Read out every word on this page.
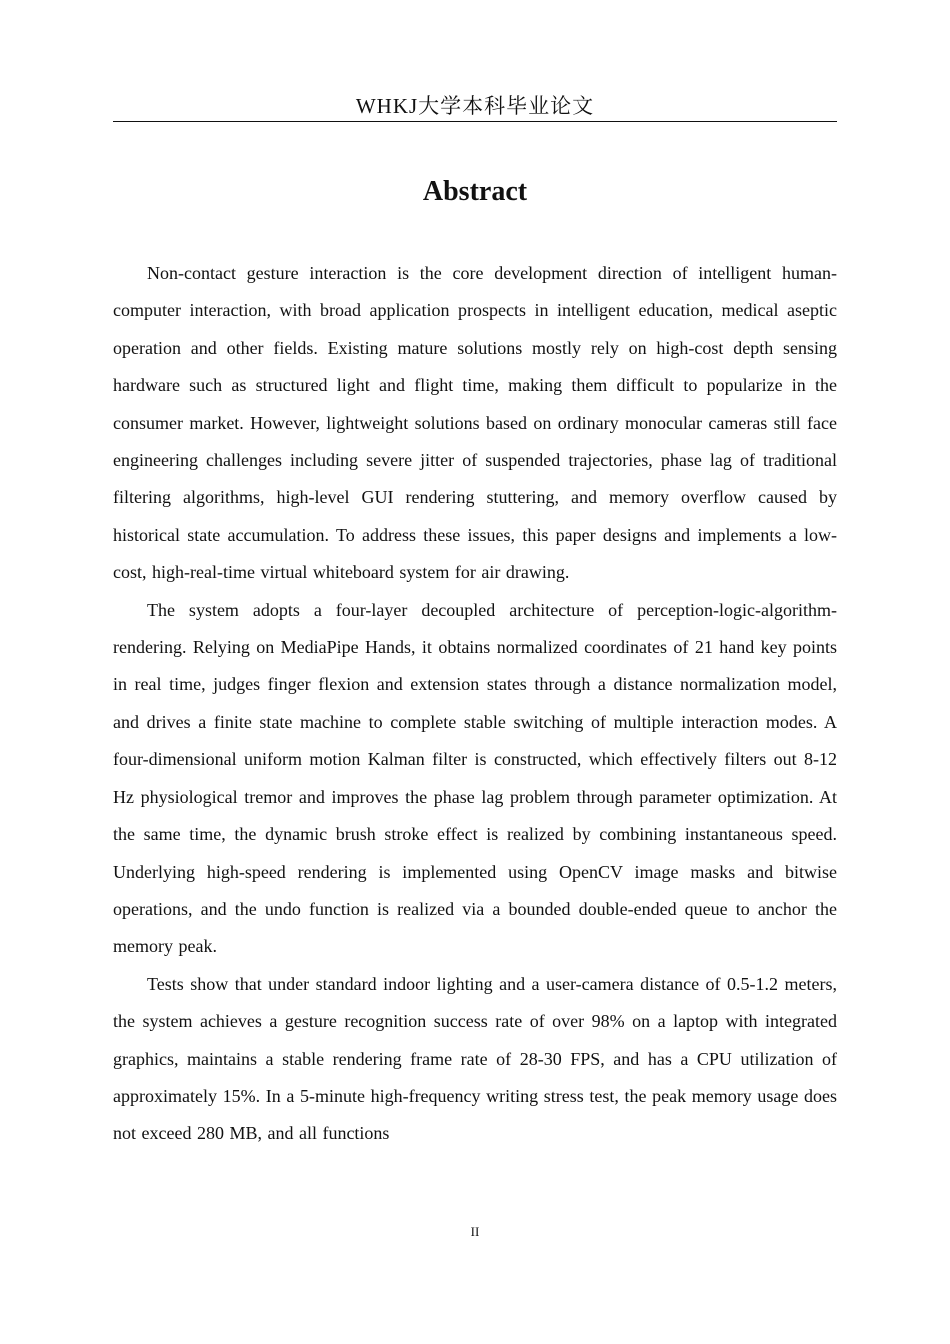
WHKJ大学本科毕业论文
Abstract

Non-contact gesture interaction is the core development direction of intelligent human-computer interaction, with broad application prospects in intelligent education, medical aseptic operation and other fields. Existing mature solutions mostly rely on high-cost depth sensing hardware such as structured light and flight time, making them difficult to popularize in the consumer market. However, lightweight solutions based on ordinary monocular cameras still face engineering challenges including severe jitter of suspended trajectories, phase lag of traditional filtering algorithms, high-level GUI rendering stuttering, and memory overflow caused by historical state accumulation. To address these issues, this paper designs and implements a low-cost, high-real-time virtual whiteboard system for air drawing.

The system adopts a four-layer decoupled architecture of perception-logic-algorithm-rendering. Relying on MediaPipe Hands, it obtains normalized coordinates of 21 hand key points in real time, judges finger flexion and extension states through a distance normalization model, and drives a finite state machine to complete stable switching of multiple interaction modes. A four-dimensional uniform motion Kalman filter is constructed, which effectively filters out 8-12 Hz physiological tremor and improves the phase lag problem through parameter optimization. At the same time, the dynamic brush stroke effect is realized by combining instantaneous speed. Underlying high-speed rendering is implemented using OpenCV image masks and bitwise operations, and the undo function is realized via a bounded double-ended queue to anchor the memory peak.

Tests show that under standard indoor lighting and a user-camera distance of 0.5-1.2 meters, the system achieves a gesture recognition success rate of over 98% on a laptop with integrated graphics, maintains a stable rendering frame rate of 28-30 FPS, and has a CPU utilization of approximately 15%. In a 5-minute high-frequency writing stress test, the peak memory usage does not exceed 280 MB, and all functions

II
